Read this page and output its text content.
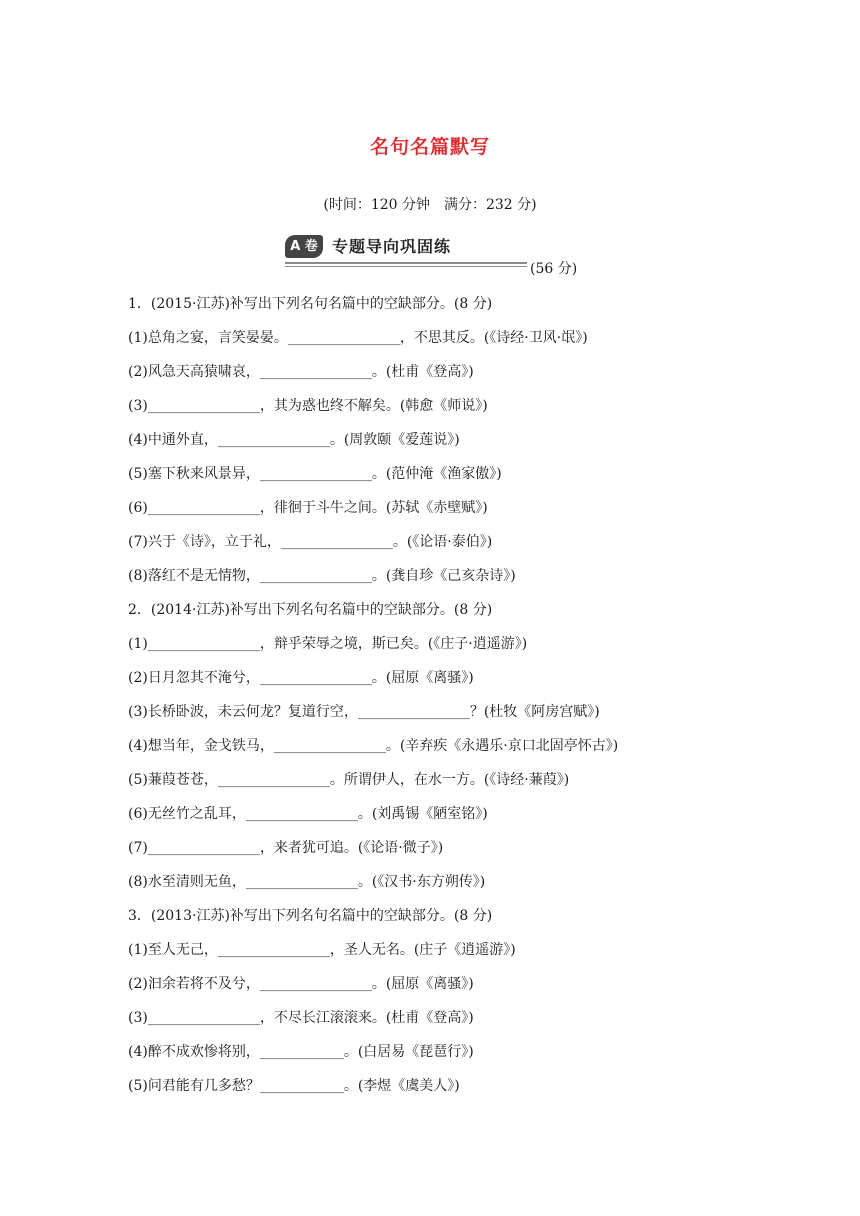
名句名篇默写
(时间：120 分钟　满分：232 分)
A 卷 专题导向巩固练
(56 分)
1．(2015·江苏)补写出下列名句名篇中的空缺部分。(8 分)
(1)总角之宴，言笑晏晏。________________，不思其反。(《诗经·卫风·氓》)
(2)风急天高猿啸哀，________________。(杜甫《登高》)
(3)________________，其为惑也终不解矣。(韩愈《师说》)
(4)中通外直，________________。(周敦颐《爱莲说》)
(5)塞下秋来风景异，________________。(范仲淹《渔家傲》)
(6)________________，徘徊于斗牛之间。(苏轼《赤壁赋》)
(7)兴于《诗》，立于礼，________________。(《论语·泰伯》)
(8)落红不是无情物，________________。(龚自珍《己亥杂诗》)
2．(2014·江苏)补写出下列名句名篇中的空缺部分。(8 分)
(1)________________，辩乎荣辱之境，斯已矣。(《庄子·逍遥游》)
(2)日月忽其不淹兮，________________。(屈原《离骚》)
(3)长桥卧波，未云何龙？复道行空，________________？(杜牧《阿房宫赋》)
(4)想当年，金戈铁马，________________。(辛弃疾《永遇乐·京口北固亭怀古》)
(5)蒹葭苍苍，________________。所谓伊人，在水一方。(《诗经·蒹葭》)
(6)无丝竹之乱耳，________________。(刘禹锡《陋室铭》)
(7)________________，来者犹可追。(《论语·微子》)
(8)水至清则无鱼，________________。(《汉书·东方朔传》)
3．(2013·江苏)补写出下列名句名篇中的空缺部分。(8 分)
(1)至人无己，________________，圣人无名。(庄子《逍遥游》)
(2)汩余若将不及兮，________________。(屈原《离骚》)
(3)________________，不尽长江滚滚来。(杜甫《登高》)
(4)醉不成欢惨将别，____________。(白居易《琵琶行》)
(5)问君能有几多愁？____________。(李煜《虞美人》)
